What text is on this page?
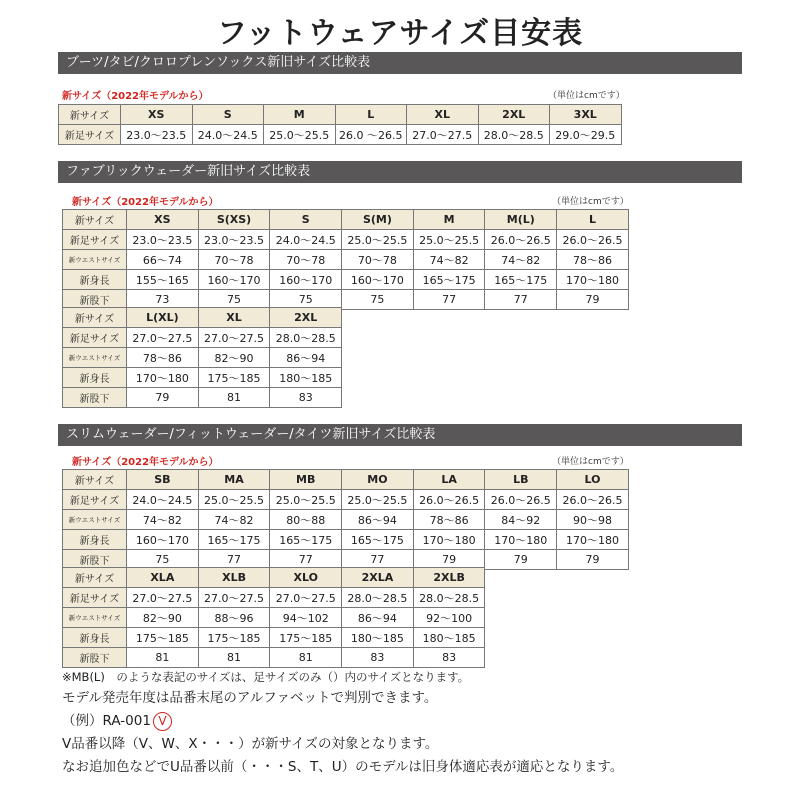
フットウェアサイズ目安表
ブーツ/タビ/クロロプレンソックス新旧サイズ比較表
新サイズ（2022年モデルから）	（単位はcmです）
新サイズ	XS	S	M	L	XL	2XL	3XL
新足サイズ	23.0～23.5	24.0～24.5	25.0～25.5	26.0 ～26.5	27.0～27.5	28.0～28.5	29.0～29.5
ファブリックウェーダー新旧サイズ比較表
新サイズ（2022年モデルから）	（単位はcmです）
新サイズ	XS	S(XS)	S	S(M)	M	M(L)	L
新足サイズ	23.0～23.5	23.0～23.5	24.0～24.5	25.0～25.5	25.0～25.5	26.0～26.5	26.0～26.5
新ウエストサイズ	66～74	70～78	70～78	70～78	74～82	74～82	78～86
新身長	155～165	160～170	160～170	160～170	165～175	165～175	170～180
新股下	73	75	75	75	77	77	79
新サイズ	L(XL)	XL	2XL
新足サイズ	27.0～27.5	27.0～27.5	28.0～28.5
新ウエストサイズ	78～86	82～90	86～94
新身長	170～180	175～185	180～185
新股下	79	81	83
スリムウェーダー/フィットウェーダー/タイツ新旧サイズ比較表
新サイズ（2022年モデルから）	（単位はcmです）
新サイズ	SB	MA	MB	MO	LA	LB	LO
新足サイズ	24.0～24.5	25.0～25.5	25.0～25.5	25.0～25.5	26.0～26.5	26.0～26.5	26.0～26.5
新ウエストサイズ	74～82	74～82	80～88	86～94	78～86	84～92	90～98
新身長	160～170	165～175	165～175	165～175	170～180	170～180	170～180
新股下	75	77	77	77	79	79	79
新サイズ	XLA	XLB	XLO	2XLA	2XLB
新足サイズ	27.0～27.5	27.0～27.5	27.0～27.5	28.0～28.5	28.0～28.5
新ウエストサイズ	82～90	88～96	94～102	86～94	92～100
新身長	175～185	175～185	175～185	180～185	180～185
新股下	81	81	81	83	83
※MB(L)　のような表記のサイズは、足サイズのみ（）内のサイズとなります。
モデル発売年度は品番末尾のアルファベットで判別できます。
（例）RA-001 V
V品番以降（V、W、X・・・）が新サイズの対象となります。
なお追加色などでU品番以前（・・・S、T、U）のモデルは旧身体適応表が適応となります。
